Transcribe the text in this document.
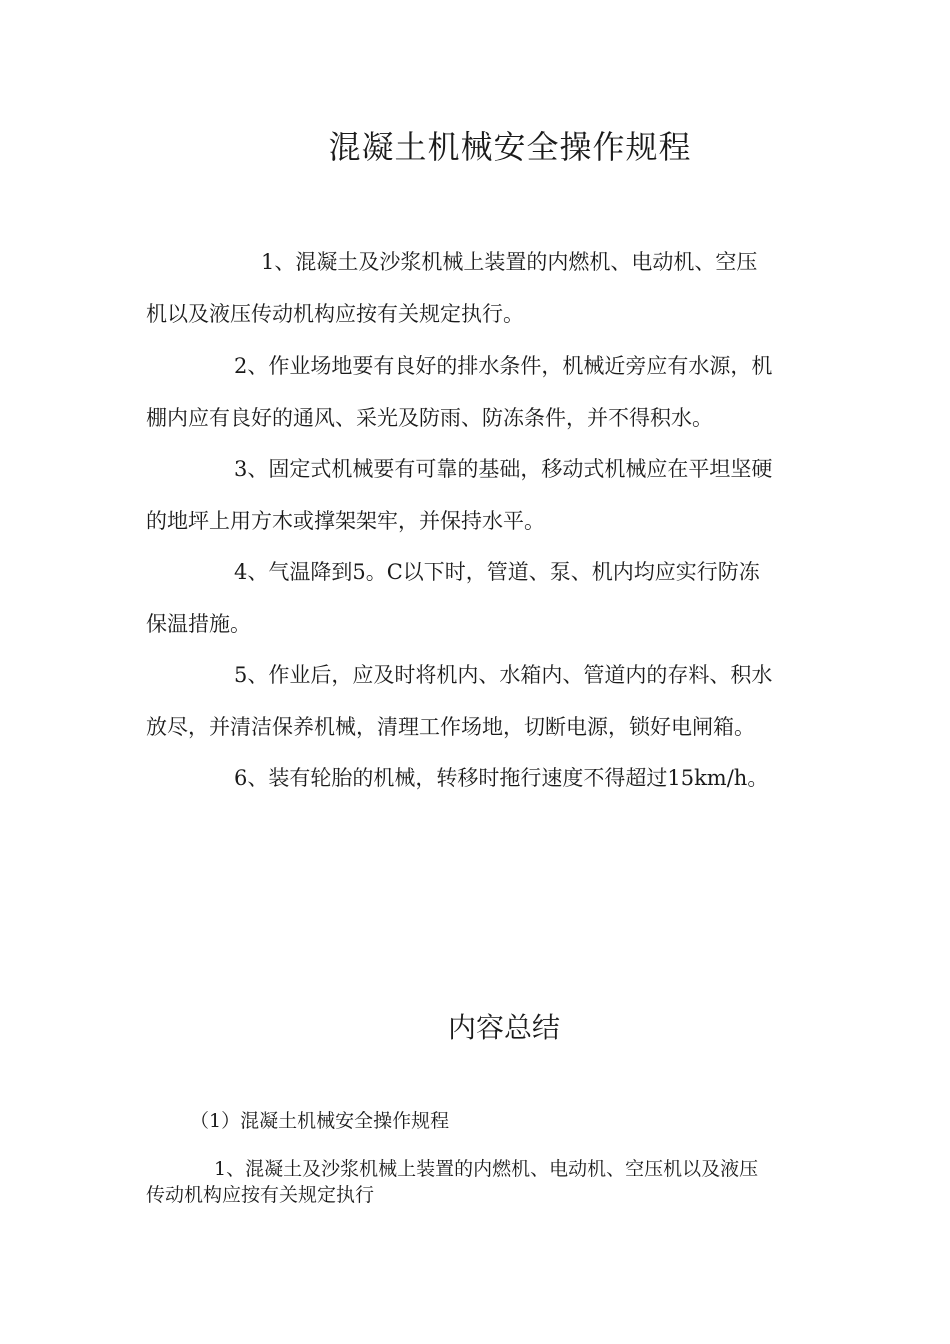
混凝土机械安全操作规程
1、混凝土及沙浆机械上装置的内燃机、电动机、空压
机以及液压传动机构应按有关规定执行。
2、作业场地要有良好的排水条件，机械近旁应有水源，机
棚内应有良好的通风、采光及防雨、防冻条件，并不得积水。
3、固定式机械要有可靠的基础，移动式机械应在平坦坚硬
的地坪上用方木或撑架架牢，并保持水平。
4、气温降到5。C以下时，管道、泵、机内均应实行防冻
保温措施。
5、作业后，应及时将机内、水箱内、管道内的存料、积水
放尽，并清洁保养机械，清理工作场地，切断电源，锁好电闸箱。
6、装有轮胎的机械，转移时拖行速度不得超过15km/h。
内容总结
（1）混凝土机械安全操作规程
1、混凝土及沙浆机械上装置的内燃机、电动机、空压机以及液压
传动机构应按有关规定执行
